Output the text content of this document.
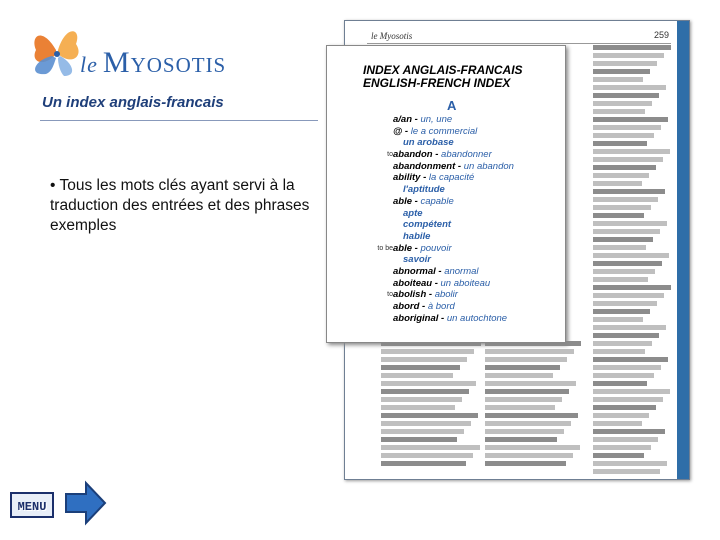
le Myosotis
Un index anglais-francais

• Tous les mots clés ayant servi à la traduction des entrées et des phrases exemples

le Myosotis	259
INDEX ANGLAIS-FRANCAIS
ENGLISH-FRENCH INDEX
A
a/an - un, une
@ - le a commercial
un arobase
to abandon - abandonner
abandonment - un abandon
ability - la capacité
l'aptitude
able - capable
apte
compétent
habile
to be able - pouvoir
savoir
abnormal - anormal
aboiteau - un aboiteau
to abolish - abolir
abord - à bord
aboriginal - un autochtone
MENU
